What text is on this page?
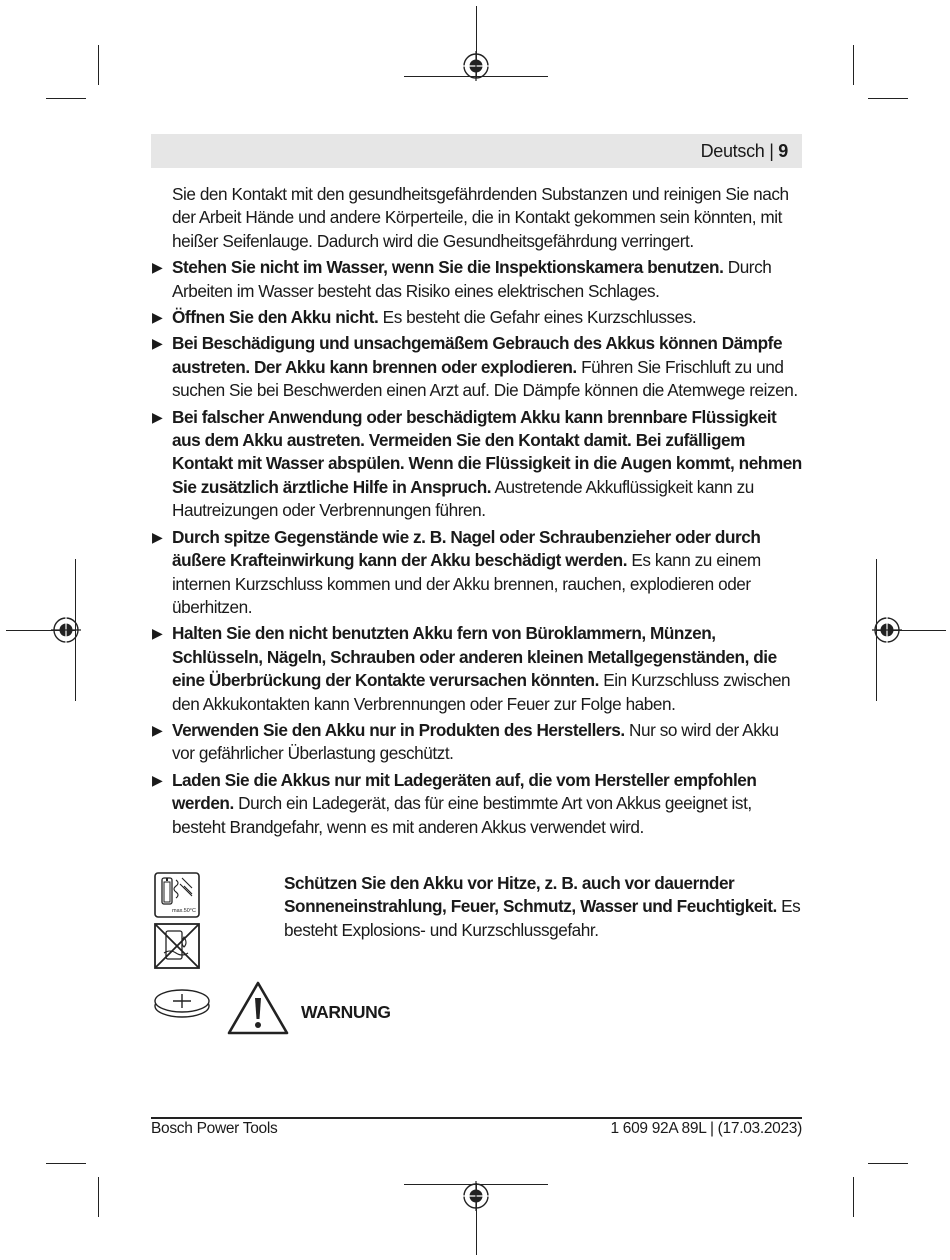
Deutsch | 9

Sie den Kontakt mit den gesundheitsgefährdenden Substanzen und reinigen Sie nach der Arbeit Hände und andere Körperteile, die in Kontakt gekommen sein könnten, mit heißer Seifenlauge. Dadurch wird die Gesundheitsgefährdung verringert.

▶ Stehen Sie nicht im Wasser, wenn Sie die Inspektionskamera benutzen. Durch Arbeiten im Wasser besteht das Risiko eines elektrischen Schlages.
▶ Öffnen Sie den Akku nicht. Es besteht die Gefahr eines Kurzschlusses.
▶ Bei Beschädigung und unsachgemäßem Gebrauch des Akkus können Dämpfe austreten. Der Akku kann brennen oder explodieren. Führen Sie Frischluft zu und suchen Sie bei Beschwerden einen Arzt auf. Die Dämpfe können die Atemwege reizen.
▶ Bei falscher Anwendung oder beschädigtem Akku kann brennbare Flüssigkeit aus dem Akku austreten. Vermeiden Sie den Kontakt damit. Bei zufälligem Kontakt mit Wasser abspülen. Wenn die Flüssigkeit in die Augen kommt, nehmen Sie zusätzlich ärztliche Hilfe in Anspruch. Austretende Akkuflüssigkeit kann zu Hautreizungen oder Verbrennungen führen.
▶ Durch spitze Gegenstände wie z. B. Nagel oder Schraubenzieher oder durch äußere Krafteinwirkung kann der Akku beschädigt werden. Es kann zu einem internen Kurzschluss kommen und der Akku brennen, rauchen, explodieren oder überhitzen.
▶ Halten Sie den nicht benutzten Akku fern von Büroklammern, Münzen, Schlüsseln, Nägeln, Schrauben oder anderen kleinen Metallgegenständen, die eine Überbrückung der Kontakte verursachen könnten. Ein Kurzschluss zwischen den Akkukontakten kann Verbrennungen oder Feuer zur Folge haben.
▶ Verwenden Sie den Akku nur in Produkten des Herstellers. Nur so wird der Akku vor gefährlicher Überlastung geschützt.
▶ Laden Sie die Akkus nur mit Ladegeräten auf, die vom Hersteller empfohlen werden. Durch ein Ladegerät, das für eine bestimmte Art von Akkus geeignet ist, besteht Brandgefahr, wenn es mit anderen Akkus verwendet wird.
max.50°C
Schützen Sie den Akku vor Hitze, z. B. auch vor dauernder Sonneneinstrahlung, Feuer, Schmutz, Wasser und Feuchtigkeit. Es besteht Explosions- und Kurzschlussgefahr.
WARNUNG
Bosch Power Tools	1 609 92A 89L | (17.03.2023)
